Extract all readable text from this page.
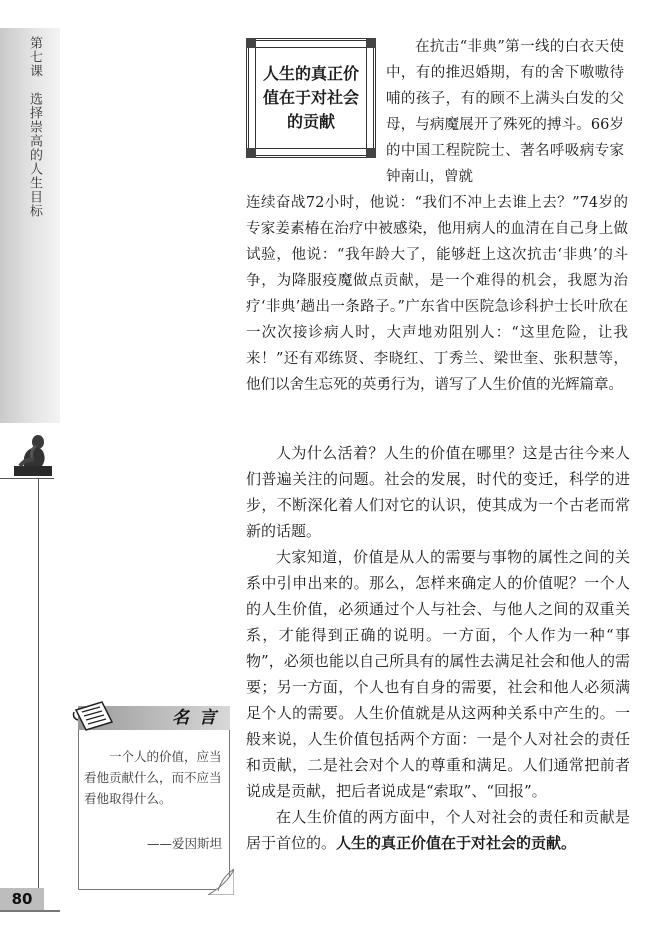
第七课　选择崇高的人生目标
80
人生的真正价值在于对社会的贡献
在抗击“非典”第一线的白衣天使中，有的推迟婚期，有的舍下嗷嗷待哺的孩子，有的顾不上满头白发的父母，与病魔展开了殊死的搏斗。66岁的中国工程院院士、著名呼吸病专家钟南山，曾就
连续奋战72小时，他说：“我们不冲上去谁上去？”74岁的专家姜素椿在治疗中被感染，他用病人的血清在自己身上做试验，他说：“我年龄大了，能够赶上这次抗击‘非典’的斗争，为降服疫魔做点贡献，是一个难得的机会，我愿为治疗‘非典’趟出一条路子。”广东省中医院急诊科护士长叶欣在一次次接诊病人时，大声地劝阻别人：“这里危险，让我来！”还有邓练贤、李晓红、丁秀兰、梁世奎、张积慧等，他们以舍生忘死的英勇行为，谱写了人生价值的光辉篇章。

人为什么活着？人生的价值在哪里？这是古往今来人们普遍关注的问题。社会的发展，时代的变迁，科学的进步，不断深化着人们对它的认识，使其成为一个古老而常新的话题。

大家知道，价值是从人的需要与事物的属性之间的关系中引申出来的。那么，怎样来确定人的价值呢？一个人的人生价值，必须通过个人与社会、与他人之间的双重关系，才能得到正确的说明。一方面，个人作为一种“事物”，必须也能以自己所具有的属性去满足社会和他人的需要；另一方面，个人也有自身的需要，社会和他人必须满足个人的需要。人生价值就是从这两种关系中产生的。一般来说，人生价值包括两个方面：一是个人对社会的责任和贡献，二是社会对个人的尊重和满足。人们通常把前者说成是贡献，把后者说成是“索取”、“回报”。

在人生价值的两方面中，个人对社会的责任和贡献是居于首位的。人生的真正价值在于对社会的贡献。

名言
一个人的价值，应当看他贡献什么，而不应当看他取得什么。
——爱因斯坦
